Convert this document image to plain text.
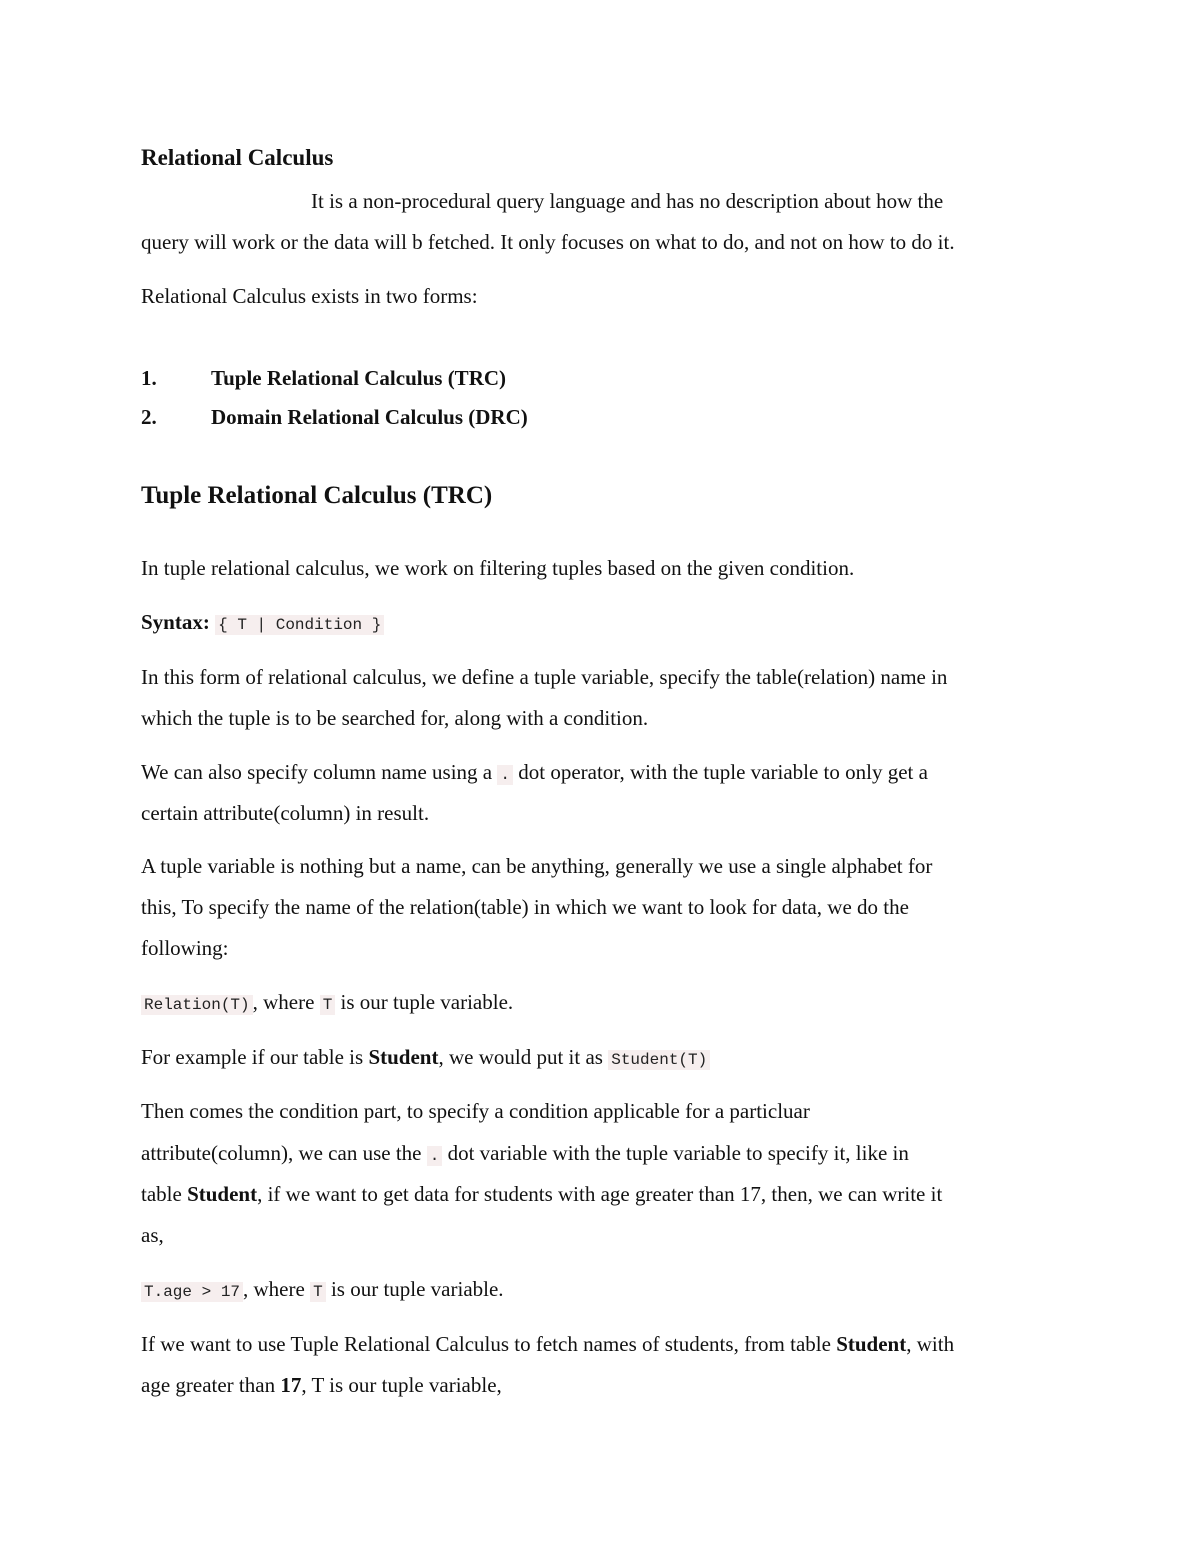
Relational Calculus
It is a non-procedural query language and has no description about how the
query will work or the data will b fetched. It only focuses on what to do, and not on how to do it.
Relational Calculus exists in two forms:
1.	Tuple Relational Calculus (TRC)
2.	Domain Relational Calculus (DRC)
Tuple Relational Calculus (TRC)
In tuple relational calculus, we work on filtering tuples based on the given condition.
Syntax: { T | Condition }
In this form of relational calculus, we define a tuple variable, specify the table(relation) name in
which the tuple is to be searched for, along with a condition.
We can also specify column name using a . dot operator, with the tuple variable to only get a
certain attribute(column) in result.
A tuple variable is nothing but a name, can be anything, generally we use a single alphabet for
this, To specify the name of the relation(table) in which we want to look for data, we do the
following:
Relation(T) , where T is our tuple variable.
For example if our table is Student, we would put it as Student(T)
Then comes the condition part, to specify a condition applicable for a particluar
attribute(column), we can use the . dot variable with the tuple variable to specify it, like in
table Student, if we want to get data for students with age greater than 17, then, we can write it
as,
T.age > 17 , where T is our tuple variable.
If we want to use Tuple Relational Calculus to fetch names of students, from table Student, with
age greater than 17, T is our tuple variable,
